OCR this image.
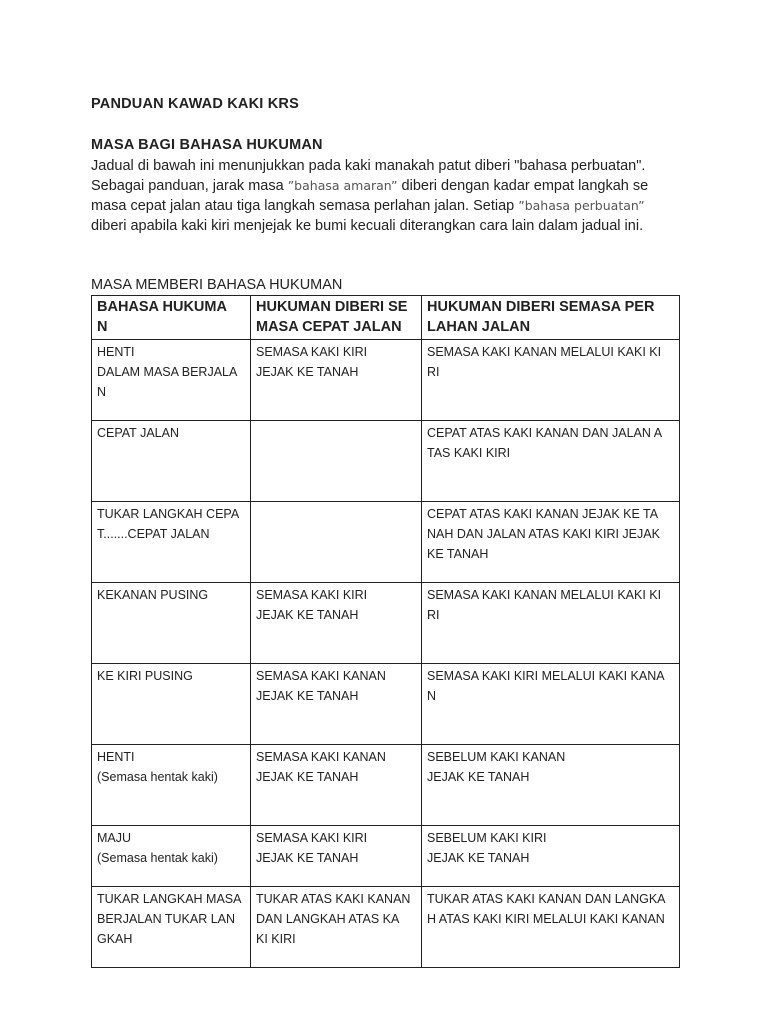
PANDUAN KAWAD KAKI KRS
MASA BAGI BAHASA HUKUMAN
Jadual di bawah ini menunjukkan pada kaki manakah patut diberi "bahasa perbuatan".
Sebagai panduan, jarak masa ”bahasa amaran” diberi dengan kadar empat langkah se
masa cepat jalan atau tiga langkah semasa perlahan jalan. Setiap ”bahasa perbuatan”
diberi apabila kaki kiri menjejak ke bumi kecuali diterangkan cara lain dalam jadual ini.
MASA MEMBERI BAHASA HUKUMAN
BAHASA HUKUMA
N	HUKUMAN DIBERI SE
MASA CEPAT JALAN	HUKUMAN DIBERI SEMASA PER
LAHAN JALAN

HENTI
DALAM MASA BERJALA
N	SEMASA KAKI KIRI
JEJAK KE TANAH	SEMASA KAKI KANAN MELALUI KAKI KI
RI

CEPAT JALAN		CEPAT ATAS KAKI KANAN DAN JALAN A
TAS KAKI KIRI

TUKAR LANGKAH CEPA
T.......CEPAT JALAN		CEPAT ATAS KAKI KANAN JEJAK KE TA
NAH DAN JALAN ATAS KAKI KIRI JEJAK
KE TANAH

KEKANAN PUSING	SEMASA KAKI KIRI
JEJAK KE TANAH	SEMASA KAKI KANAN MELALUI KAKI KI
RI

KE KIRI PUSING	SEMASA KAKI KANAN
JEJAK KE TANAH	SEMASA KAKI KIRI MELALUI KAKI KANA
N

HENTI
(Semasa hentak kaki)	SEMASA KAKI KANAN
JEJAK KE TANAH	SEBELUM KAKI KANAN
JEJAK KE TANAH

MAJU
(Semasa hentak kaki)	SEMASA KAKI KIRI
JEJAK KE TANAH	SEBELUM KAKI KIRI
JEJAK KE TANAH

TUKAR LANGKAH MASA
BERJALAN TUKAR LAN
GKAH	TUKAR ATAS KAKI KANAN
DAN LANGKAH ATAS KA
KI KIRI	TUKAR ATAS KAKI KANAN DAN LANGKA
H ATAS KAKI KIRI MELALUI KAKI KANAN
